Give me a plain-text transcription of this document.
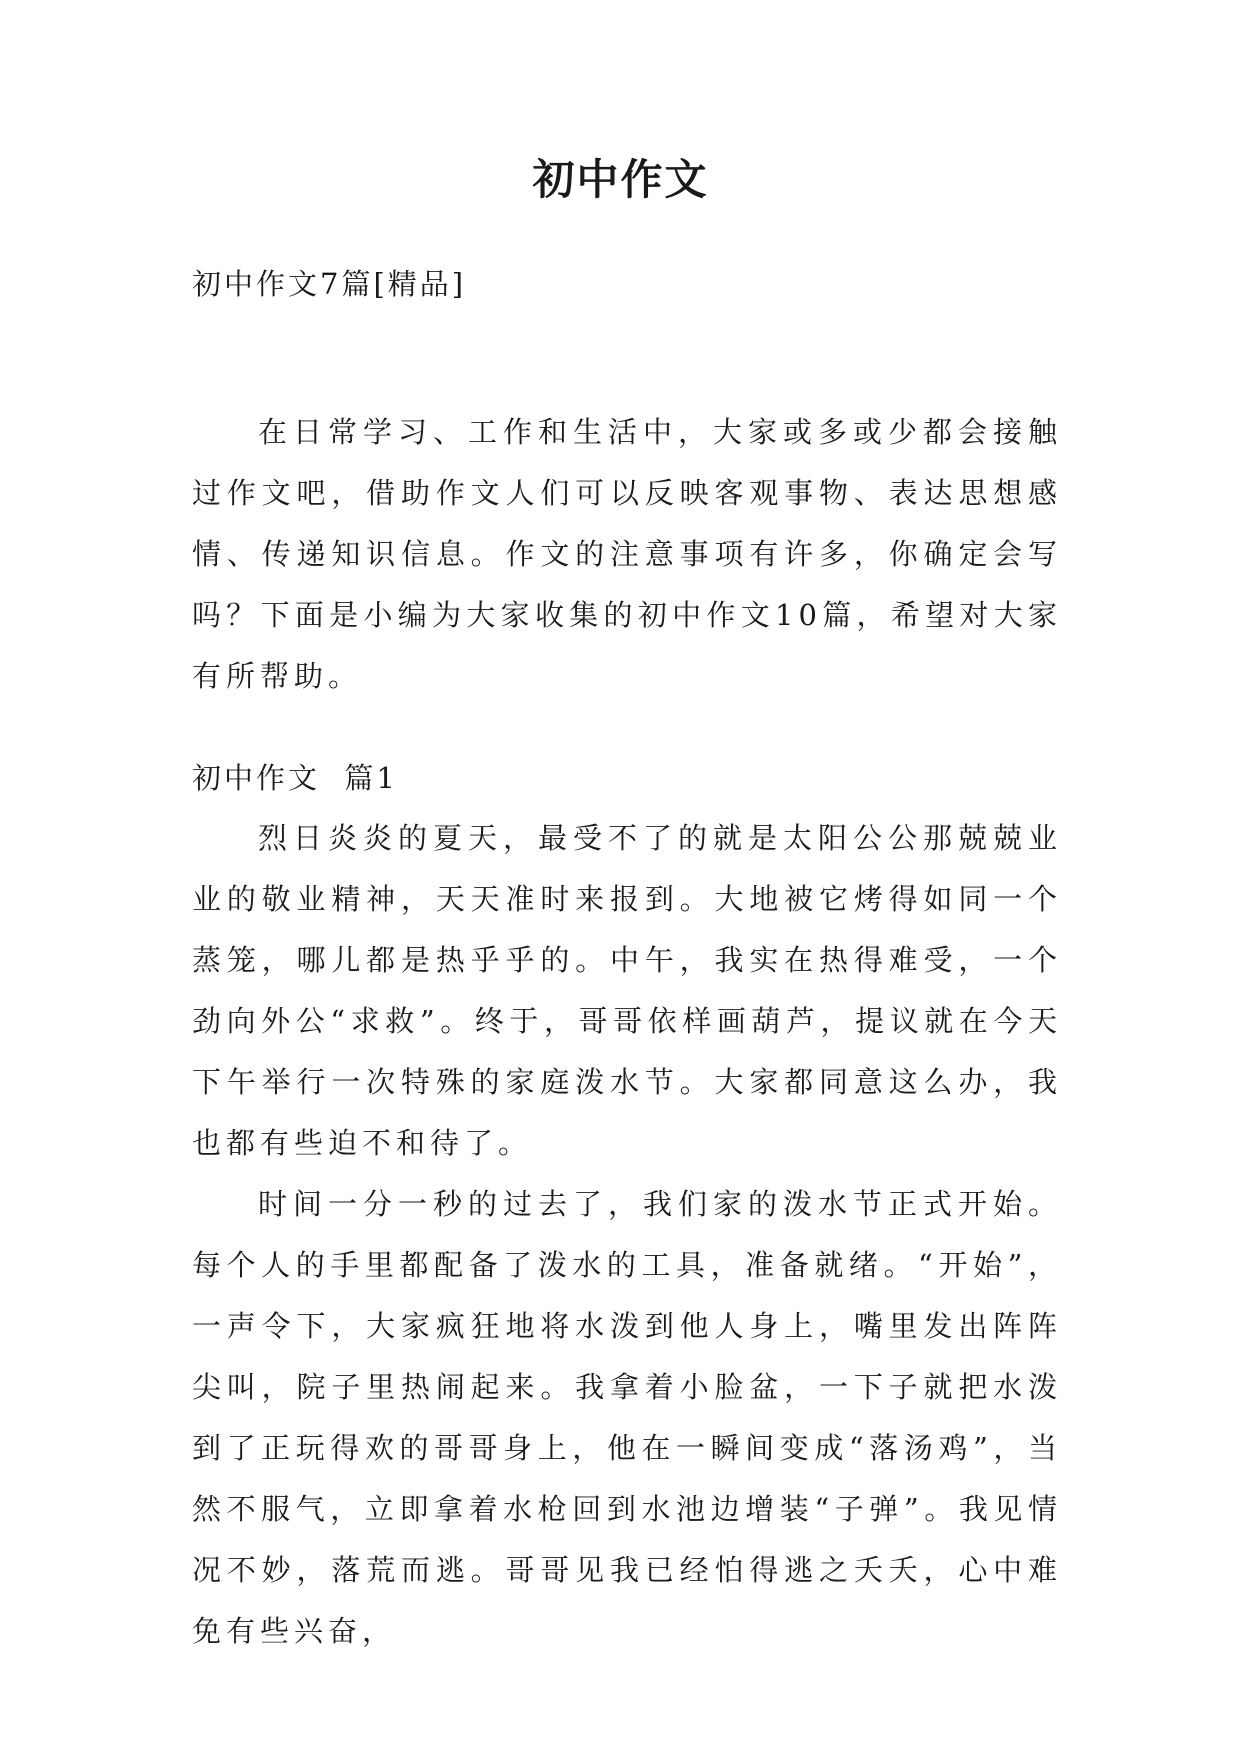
初中作文
初中作文7篇[精品]

在日常学习、工作和生活中，大家或多或少都会接触过作文吧，借助作文人们可以反映客观事物、表达思想感情、传递知识信息。作文的注意事项有许多，你确定会写吗？下面是小编为大家收集的初中作文10篇，希望对大家有所帮助。

初中作文  篇1

烈日炎炎的夏天，最受不了的就是太阳公公那兢兢业业的敬业精神，天天准时来报到。大地被它烤得如同一个蒸笼，哪儿都是热乎乎的。中午，我实在热得难受，一个劲向外公“求救”。终于，哥哥依样画葫芦，提议就在今天下午举行一次特殊的家庭泼水节。大家都同意这么办，我也都有些迫不和待了。

时间一分一秒的过去了，我们家的泼水节正式开始。每个人的手里都配备了泼水的工具，准备就绪。“开始”，一声令下，大家疯狂地将水泼到他人身上，嘴里发出阵阵尖叫，院子里热闹起来。我拿着小脸盆，一下子就把水泼到了正玩得欢的哥哥身上，他在一瞬间变成“落汤鸡”，当然不服气，立即拿着水枪回到水池边增装“子弹”。我见情况不妙，落荒而逃。哥哥见我已经怕得逃之夭夭，心中难免有些兴奋，
